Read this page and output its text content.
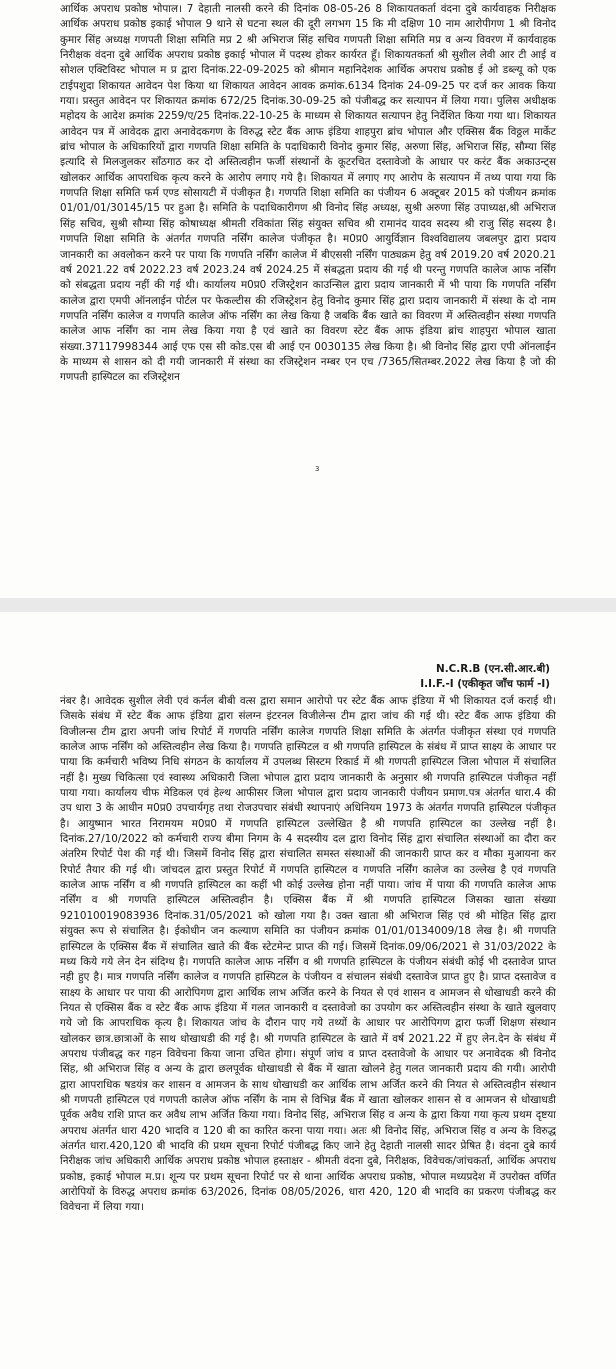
आर्थिक अपराध प्रकोष्ठ भोपाल। 7 देहाती नालसी करने की दिनांक 08-05-26 8 शिकायतकर्ता वंदना दुबे कार्यवाहक निरीक्षक आर्थिक अपराध प्रकोष्ठ इकाई भोपाल 9 थाने से घटना स्थल की दूरी लगभग 15 कि मी दक्षिण 10 नाम आरोपीगण 1 श्री विनोद कुमार सिंह अध्यक्ष गणपती शिक्षा समिति मप्र 2 श्री अभिराज सिंह सचिव गणपती शिक्षा समिति मप्र व अन्य विवरण में कार्यवाहक निरीक्षक वंदना दुबे आर्थिक अपराध प्रकोष्ठ इकाई भोपाल में पदस्थ होकर कार्यरत हूँ। शिकायतकर्ता श्री सुशील लेवी आर टी आई व सोशल एक्टिविस्ट भोपाल म प्र द्वारा दिनांक.22-09-2025 को श्रीमान महानिदेशक आर्थिक अपराध प्रकोष्ठ ई ओ डब्ल्यू को एक टाईपशुदा शिकायत आवेदन पेश किया था शिकायत आवेदन आवक क्रमांक.6134 दिनांक 24-09-25 पर दर्ज कर आवक किया गया। प्रस्तुत आवेदन पर शिकायत क्रमांक 672/25 दिनांक.30-09-25 को पंजीबद्ध कर सत्यापन में लिया गया। पुलिस अधीक्षक महोदय के आदेश क्रमांक 2259/ए/25 दिनांक.22-10-25 के माध्यम से शिकायत सत्यापन हेतु निर्देशित किया गया था। शिकायत आवेदन पत्र में आवेदक द्वारा अनावेदकगण के विरुद्ध स्टेट बैंक आफ इंडिया शाहपुरा ब्रांच भोपाल और एक्सिस बैंक विठ्ठल मार्केट ब्रांच भोपाल के अधिकारियों द्वारा गणपति शिक्षा समिति के पदाधिकारी विनोद कुमार सिंह, अरुणा सिंह, अभिराज सिंह, सौम्या सिंह इत्यादि से मिलजुलकर साँठगाठ कर दो अस्तित्वहीन फर्जी संस्थानों के कूटरचित दस्तावेजो के आधार पर करंट बैंक अकाउन्ट्स खोलकर आर्थिक आपराधिक कृत्य करने के आरोप लगाए गये है। शिकायत में लगाए गए आरोप के सत्यापन में तथ्य पाया गया कि गणपति शिक्षा समिति फर्म एण्ड सोसायटी में पंजीकृत है। गणपति शिक्षा समिति का पंजीयन 6 अक्टूबर 2015 को पंजीयन क्रमांक 01/01/01/30145/15 पर हुआ है। समिति के पदाधिकारीगण श्री विनोद सिंह अध्यक्ष, सुश्री अरुणा सिंह उपाध्यक्ष,श्री अभिराज सिंह सचिव, सुश्री सौम्या सिंह कोषाध्यक्ष श्रीमती रविकांता सिंह संयुक्त सचिव श्री रामानंद यादव सदस्य श्री राजु सिंह सदस्य है। गणपति शिक्षा समिति के अंतर्गत गणपति नर्सिंग कालेज पंजीकृत है। म0प्र0 आयुर्विज्ञान विश्वविद्यालय जबलपुर द्वारा प्रदाय जानकारी का अवलोकन करने पर पाया कि गणपति नर्सिंग कालेज में बीएससी नर्सिंग पाठ्यक्रम हेतु वर्ष 2019.20 वर्ष 2020.21 वर्ष 2021.22 वर्ष 2022.23 वर्ष 2023.24 वर्ष 2024.25 में संबद्धता प्रदाय की गई थी परन्तु गणपति कालेज आफ नर्सिंग को संबद्धता प्रदाय नहीं की गई थी। कार्यालय म0प्र0 रजिस्ट्रेशन काउन्सिल द्वारा प्रदाय जानकारी में भी पाया कि गणपति नर्सिंग कालेज द्वारा एमपी ऑनलाईन पोर्टल पर फेकल्टीस की रजिस्ट्रेशन हेतु विनोद कुमार सिंह द्वारा प्रदाय जानकारी में संस्था के दो नाम गणपति नर्सिंग कालेज व गणपति कालेज ऑफ नर्सिंग का लेख किया है जबकि बैंक खाते का विवरण में अस्तित्वहीन संस्था गणपति कालेज आफ नर्सिंग का नाम लेख किया गया है एवं खाते का विवरण स्टेट बैंक आफ इंडिया ब्रांच शाहपुरा भोपाल खाता संख्या.37117998344 आई एफ एस सी कोड.एस बी आई एन 0030135 लेख किया है। श्री विनोद सिंह द्वारा एपी ऑनलाईन के माध्यम से शासन को दी गयी जानकारी में संस्था का रजिस्ट्रेशन नम्बर एन एच /7365/सितम्बर.2022 लेख किया है जो की गणपती हास्पिटल का रजिस्ट्रेशन

3
N.C.R.B (एन.सी.आर.बी)
I.I.F.-I (एकीकृत जाँच फार्म -I)

नंबर है। आवेदक सुशील लेवी एवं कर्नल बीबी वत्स द्वारा समान आरोपो पर स्टेट बैंक आफ इंडिया में भी शिकायत दर्ज कराई थी। जिसके संबंध में स्टेट बैंक आफ इंडिया द्वारा संलग्न इंटरनल विजीलेन्स टीम द्वारा जांच की गई थी। स्टेट बैंक आफ इंडिया की विजीलन्स टीम द्वारा अपनी जांच रिपोर्ट में गणपति नर्सिंग कालेज गणपति शिक्षा समिति के अंतर्गत पंजीकृत संस्था एवं गणपति कालेज आफ नर्सिंग को अस्तित्वहीन लेख किया है। गणपति हास्पिटल व श्री गणपति हास्पिटल के संबंध में प्राप्त साक्ष्य के आधार पर पाया कि कर्मचारी भविष्य निधि संगठन के कार्यालय में उपलब्ध सिस्टम रिकार्ड में श्री गणपती हास्पिटल जिला भोपाल में संचालित नहीं है। मुख्य चिकित्सा एवं स्वास्थ्य अधिकारी जिला भोपाल द्वारा प्रदाय जानकारी के अनुसार श्री गणपति हास्पिटल पंजीकृत नहीं पाया गया। कार्यालय चीफ मेडिकल एवं हेल्थ आफीसर जिला भोपाल द्वारा प्रदाय जानकारी पंजीयन प्रमाण.पत्र अंतर्गत धारा.4 की उप धारा 3 के आधीन म0प्र0 उपचार्यगृह तथा रोजउपचार संबंधी स्थापनाएं अधिनियम 1973 के अंतर्गत गणपति हास्पिटल पंजीकृत है। आयुष्मान भारत निरामयम म0प्र0 में गणपति हास्पिटल उल्लेखित है श्री गणपति हास्पिटल का उल्लेख नहीं है। दिनांक.27/10/2022 को कर्मचारी राज्य बीमा निगम के 4 सदस्यीय दल द्वारा विनोद सिंह द्वारा संचालित संस्थाओं का दौरा कर अंतरिम रिपोर्ट पेश की गई थी। जिसमें विनोद सिंह द्वारा संचालित समस्त संस्थाओं की जानकारी प्राप्त कर व मौका मुआयना कर रिपोर्ट तैयार की गई थी। जांचदल द्वारा प्रस्तुत रिपोर्ट में गणपति हास्पिटल व गणपति नर्सिंग कालेज का उल्लेख है एवं गणपति कालेज आफ नर्सिंग व श्री गणपति हास्पिटल का कहीं भी कोई उल्लेख होना नहीं पाया। जांच में पाया की गणपति कालेज आफ नर्सिंग व श्री गणपति हास्पिटल अस्तित्वहीन है। एक्सिस बैंक में श्री गणपति हास्पिटल जिसका खाता संख्या 921010019083936 दिनांक.31/05/2021 को खोला गया है। उक्त खाता श्री अभिराज सिंह एवं श्री मोहित सिंह द्वारा संयुक्त रूप से संचालित है। ईकोधीन जन कल्याण समिति का पंजीयन क्रमांक 01/01/0134009/18 लेख है। श्री गणपति हास्पिटल के एक्सिस बैंक में संचालित खाते की बैंक स्टेटमेन्ट प्राप्त की गई। जिसमें दिनांक.09/06/2021 से 31/03/2022 के मध्य किये गये लेन देन संदिग्ध है। गणपति कालेज आफ नर्सिंग व श्री गणपति हास्पिटल के पंजीयन संबंधी कोई भी दस्तावेज प्राप्त नही हुए है। मात्र गणपति नर्सिंग कालेज व गणपति हास्पिटल के पंजीयन व संचालन संबंधी दस्तावेज प्राप्त हुए है। प्राप्त दस्तावेज व साक्ष्य के आधार पर पाया की आरोपिगण द्वारा आर्थिक लाभ अर्जित करने के नियत से एवं शासन व आमजन से धोखाधडी करने की नियत से एक्सिस बैंक व स्टेट बैंक आफ इंडिया में गलत जानकारी व दस्तावेजो का उपयोग कर अस्तित्वहीन संस्था के खाते खुलवाए गये जो कि आपराधिक कृत्य है। शिकायत जांच के दौरान पाए गये तथ्यों के आधार पर आरोपिगण द्वारा फर्जी शिक्षण संस्थान खोलकर छात्र.छात्राओं के साथ धोखाधडी की गई है। श्री गणपति हास्पिटल के खाते में वर्ष 2021.22 में हुए लेन.देन के संबंध में अपराध पंजीबद्ध कर गहन विवेचना किया जाना उचित होगा। संपूर्ण जांच व प्राप्त दस्तावेजो के आधार पर अनावेदक श्री विनोद सिंह, श्री अभिराज सिंह व अन्य के द्वारा छलपूर्वक धोखाधडी से बैंक में खाता खोलने हेतु गलत जानकारी प्रदाय की गयी। आरोपी द्वारा आपराधिक षडयंत्र कर शासन व आमजन के साथ धोखाधडी कर आर्थिक लाभ अर्जित करने की नियत से अस्तित्वहीन संस्थान श्री गणपती हास्पिटल एवं गणपती कालेज ऑफ नर्सिंग के नाम से विभिन्न बैंक में खाता खोलकर शासन से व आमजन से धोखाधडी पूर्वक अवैध राशि प्राप्त कर अवैध लाभ अर्जित किया गया। विनोद सिंह, अभिराज सिंह व अन्य के द्वारा किया गया कृत्य प्रथम दृष्टया अपराध अंतर्गत धारा 420 भादवि व 120 बी का कारित करना पाया गया। अतः श्री विनोद सिंह, अभिराज सिंह व अन्य के विरुद्ध अंतर्गत धारा.420,120 बी भादवि की प्रथम सूचना रिपोर्ट पंजीबद्ध किए जाने हेतु देहाती नालसी सादर प्रेषित है। वंदना दुबे कार्य निरीक्षक जांच अधिकारी आर्थिक अपराध प्रकोष्ठ भोपाल हस्ताक्षर - श्रीमती वंदना दुबे, निरीक्षक, विवेचक/जांचकर्ता, आर्थिक अपराध प्रकोष्ठ, इकाई भोपाल म.प्र। शून्य पर प्रथम सूचना रिपोर्ट पर से थाना आर्थिक अपराध प्रकोष्ठ, भोपाल मध्यप्रदेश में उपरोक्त वर्णित आरोपियों के विरुद्ध अपराध क्रमांक 63/2026, दिनांक 08/05/2026, धारा 420, 120 बी भादवि का प्रकरण पंजीबद्ध कर विवेचना में लिया गया।
